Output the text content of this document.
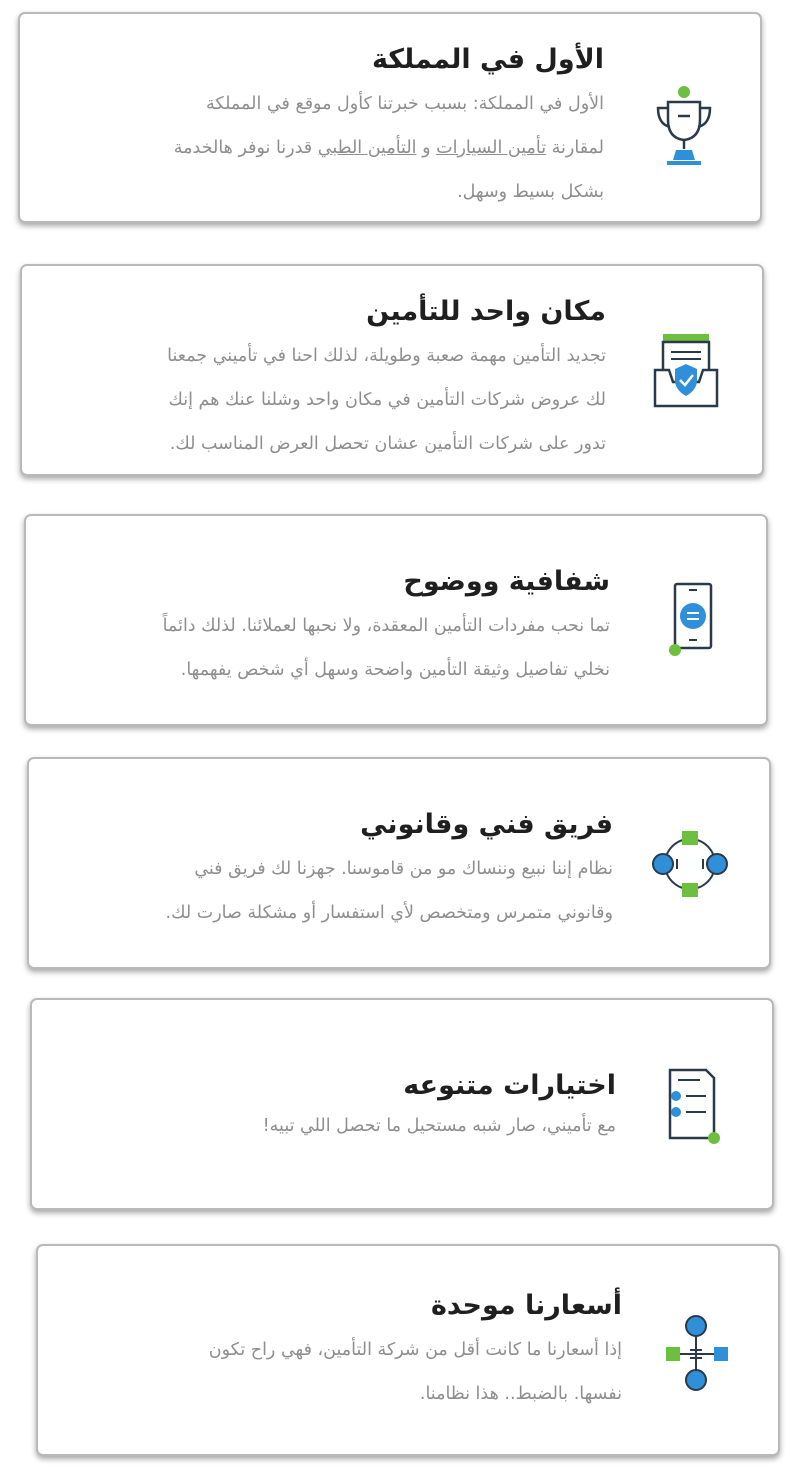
الأول في المملكة

الأول في المملكة: بسبب خبرتنا كأول موقع في المملكة
لمقارنة تأمين السيارات و التأمين الطبي قدرنا نوفر هالخدمة
بشكل بسيط وسهل.

مكان واحد للتأمين

تجديد التأمين مهمة صعبة وطويلة، لذلك احنا في تأميني جمعنا
لك عروض شركات التأمين في مكان واحد وشلنا عنك هم إنك
تدور على شركات التأمين عشان تحصل العرض المناسب لك.

شفافية ووضوح

تما نحب مفردات التأمين المعقدة، ولا نحبها لعملائنا. لذلك دائماً
نخلي تفاصيل وثيقة التأمين واضحة وسهل أي شخص يفهمها.

فريق فني وقانوني

نظام إننا نبيع وننساك مو من قاموسنا. جهزنا لك فريق فني
وقانوني متمرس ومتخصص لأي استفسار أو مشكلة صارت لك.

اختيارات متنوعه

مع تأميني، صار شبه مستحيل ما تحصل اللي تبيه!

أسعارنا موحدة

إذا أسعارنا ما كانت أقل من شركة التأمين، فهي راح تكون
نفسها. بالضبط.. هذا نظامنا.
